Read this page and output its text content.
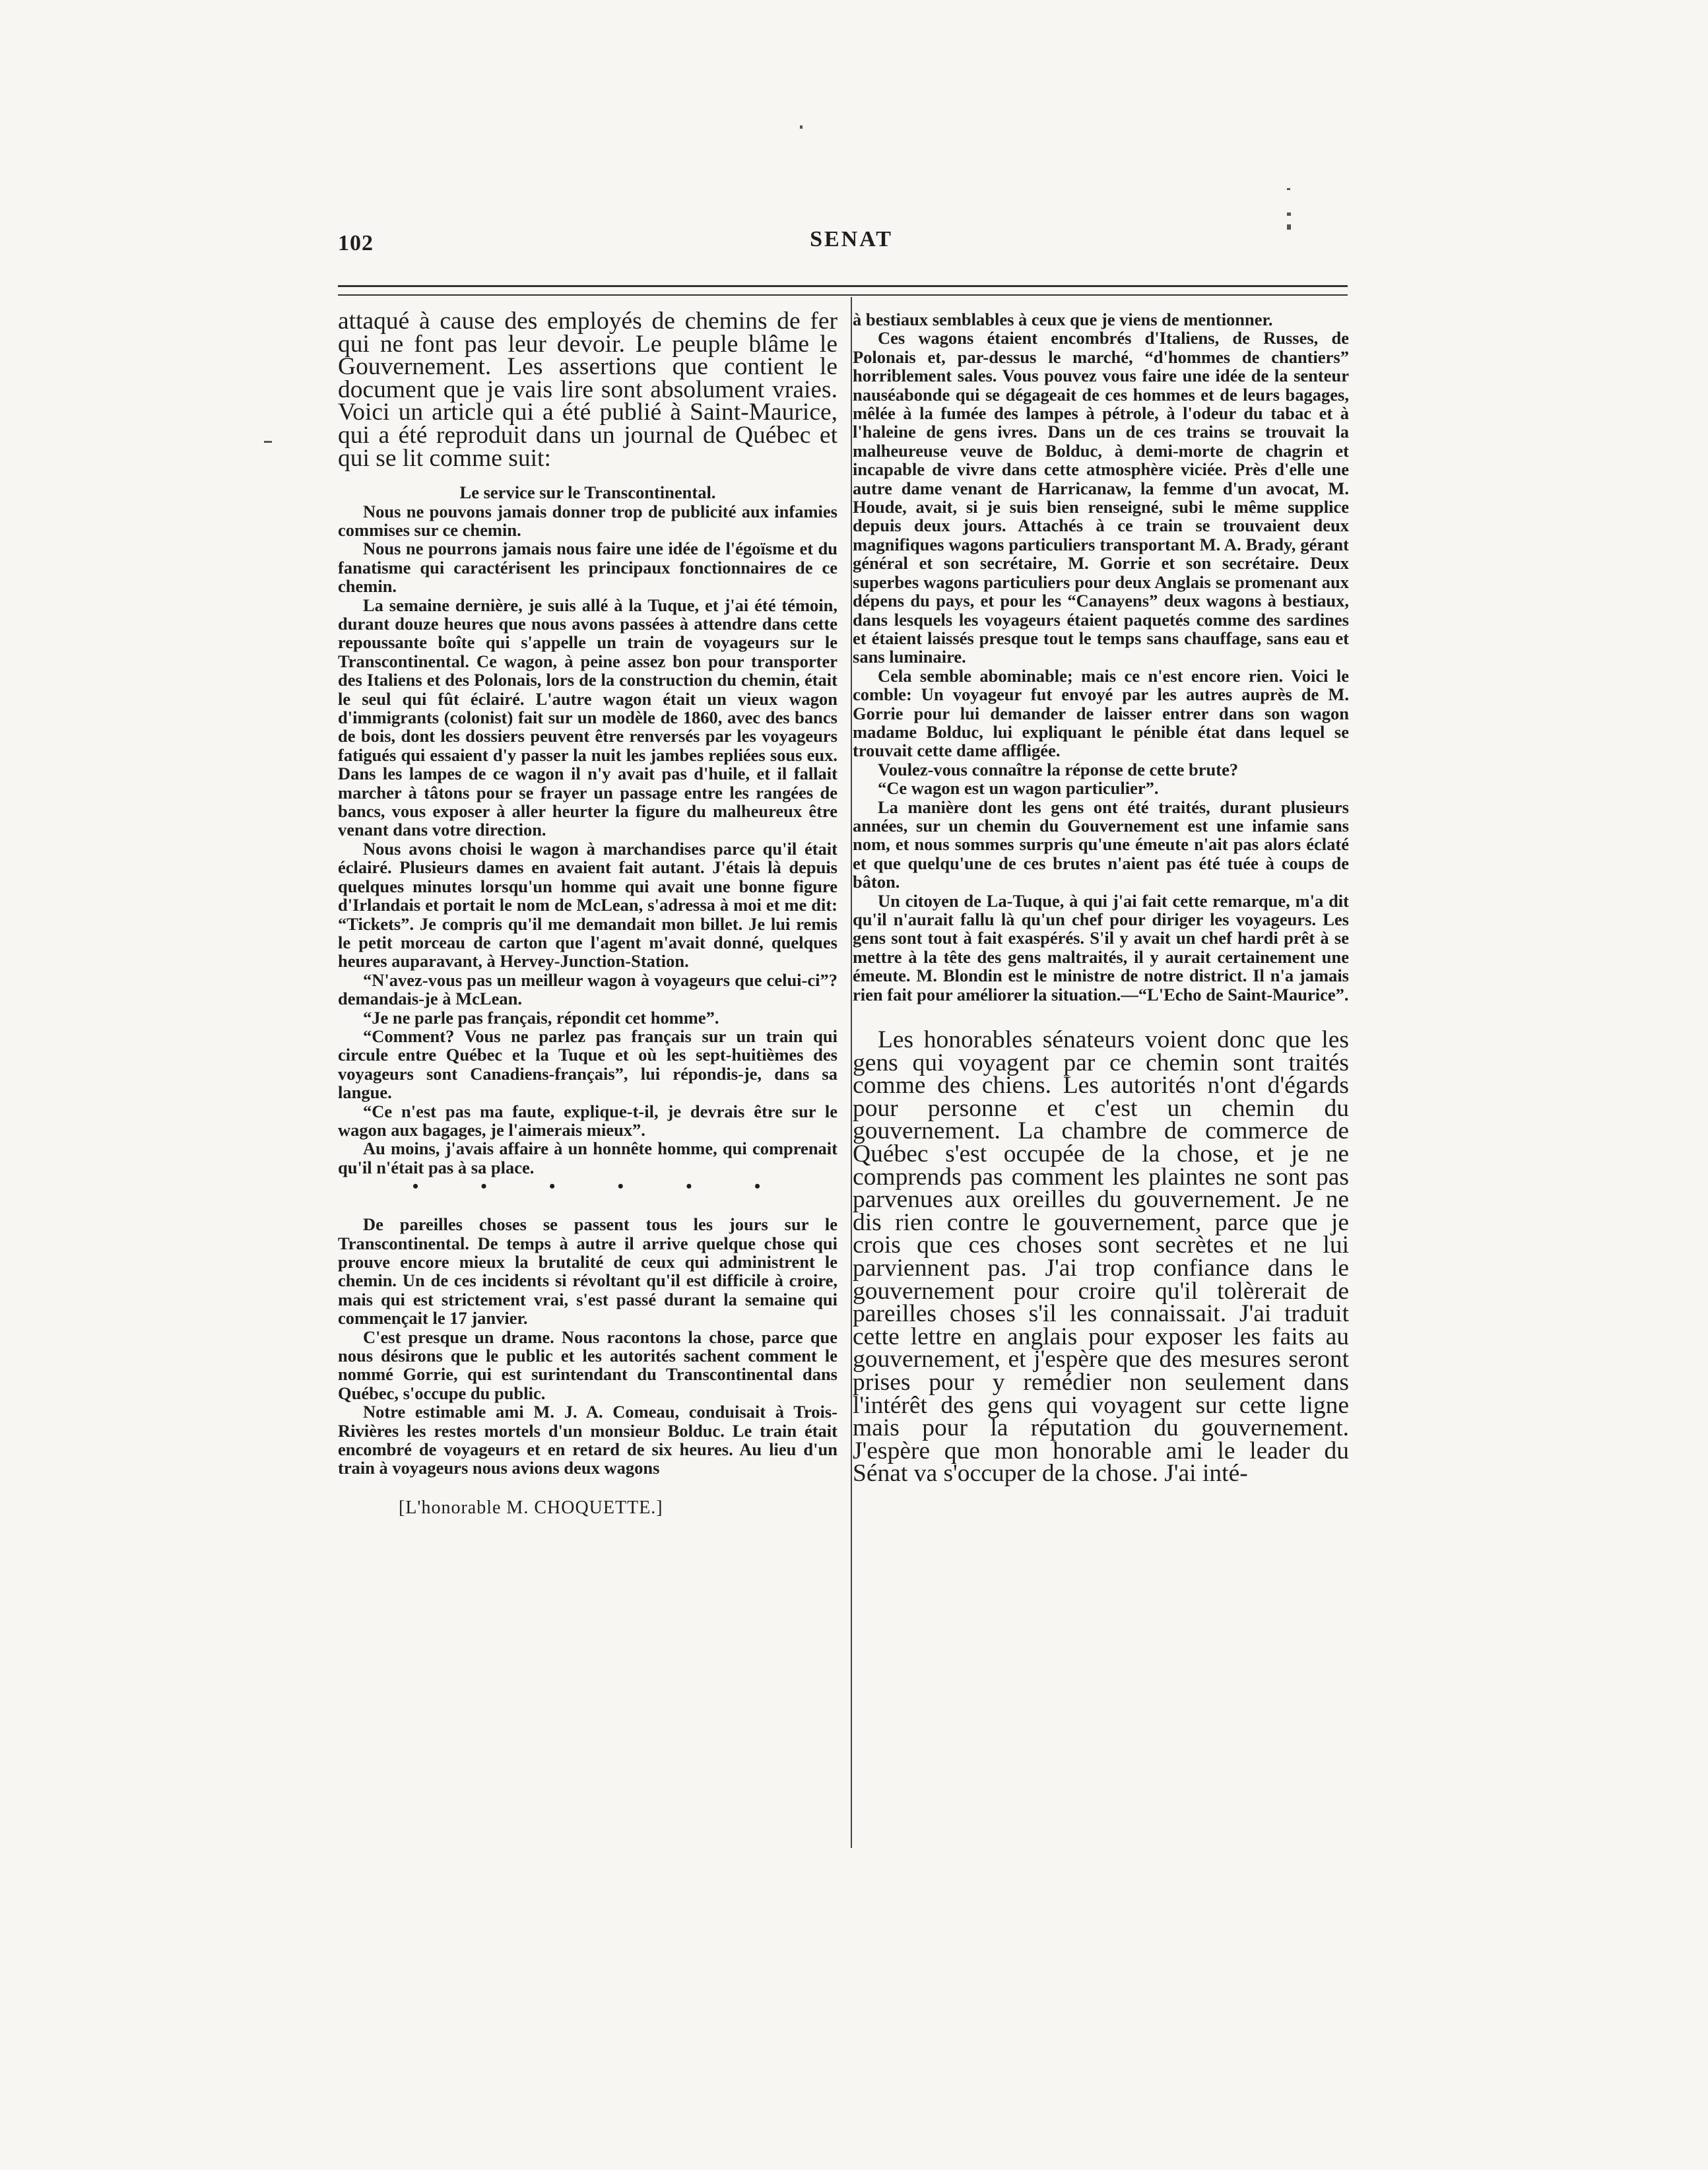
102	SENAT

attaqué à cause des employés de chemins de fer qui ne font pas leur devoir. Le peuple blâme le Gouvernement. Les assertions que contient le document que je vais lire sont absolument vraies. Voici un article qui a été publié à Saint-Maurice, qui a été reproduit dans un journal de Québec et qui se lit comme suit:

Le service sur le Transcontinental.

Nous ne pouvons jamais donner trop de publicité aux infamies commises sur ce chemin.

Nous ne pourrons jamais nous faire une idée de l'égoïsme et du fanatisme qui caractérisent les principaux fonctionnaires de ce chemin.

La semaine dernière, je suis allé à la Tuque, et j'ai été témoin, durant douze heures que nous avons passées à attendre dans cette repoussante boîte qui s'appelle un train de voyageurs sur le Transcontinental. Ce wagon, à peine assez bon pour transporter des Italiens et des Polonais, lors de la construction du chemin, était le seul qui fût éclairé. L'autre wagon était un vieux wagon d'immigrants (colonist) fait sur un modèle de 1860, avec des bancs de bois, dont les dossiers peuvent être renversés par les voyageurs fatigués qui essaient d'y passer la nuit les jambes repliées sous eux. Dans les lampes de ce wagon il n'y avait pas d'huile, et il fallait marcher à tâtons pour se frayer un passage entre les rangées de bancs, vous exposer à aller heurter la figure du malheureux être venant dans votre direction.

Nous avons choisi le wagon à marchandises parce qu'il était éclairé. Plusieurs dames en avaient fait autant. J'étais là depuis quelques minutes lorsqu'un homme qui avait une bonne figure d'Irlandais et portait le nom de McLean, s'adressa à moi et me dit: “Tickets”. Je compris qu'il me demandait mon billet. Je lui remis le petit morceau de carton que l'agent m'avait donné, quelques heures auparavant, à Hervey-Junction-Station.

“N'avez-vous pas un meilleur wagon à voyageurs que celui-ci”? demandais-je à McLean.

“Je ne parle pas français, répondit cet homme”.

“Comment? Vous ne parlez pas français sur un train qui circule entre Québec et la Tuque et où les sept-huitièmes des voyageurs sont Canadiens-français”, lui répondis-je, dans sa langue.

“Ce n'est pas ma faute, explique-t-il, je devrais être sur le wagon aux bagages, je l'aimerais mieux”.

Au moins, j'avais affaire à un honnête homme, qui comprenait qu'il n'était pas à sa place.

• • • • • •

De pareilles choses se passent tous les jours sur le Transcontinental. De temps à autre il arrive quelque chose qui prouve encore mieux la brutalité de ceux qui administrent le chemin. Un de ces incidents si révoltant qu'il est difficile à croire, mais qui est strictement vrai, s'est passé durant la semaine qui commençait le 17 janvier.

C'est presque un drame. Nous racontons la chose, parce que nous désirons que le public et les autorités sachent comment le nommé Gorrie, qui est surintendant du Transcontinental dans Québec, s'occupe du public.

Notre estimable ami M. J. A. Comeau, conduisait à Trois-Rivières les restes mortels d'un monsieur Bolduc. Le train était encombré de voyageurs et en retard de six heures. Au lieu d'un train à voyageurs nous avions deux wagons

[L'honorable M. CHOQUETTE.]

à bestiaux semblables à ceux que je viens de mentionner.

Ces wagons étaient encombrés d'Italiens, de Russes, de Polonais et, par-dessus le marché, “d'hommes de chantiers” horriblement sales. Vous pouvez vous faire une idée de la senteur nauséabonde qui se dégageait de ces hommes et de leurs bagages, mêlée à la fumée des lampes à pétrole, à l'odeur du tabac et à l'haleine de gens ivres. Dans un de ces trains se trouvait la malheureuse veuve de Bolduc, à demi-morte de chagrin et incapable de vivre dans cette atmosphère viciée. Près d'elle une autre dame venant de Harricanaw, la femme d'un avocat, M. Houde, avait, si je suis bien renseigné, subi le même supplice depuis deux jours. Attachés à ce train se trouvaient deux magnifiques wagons particuliers transportant M. A. Brady, gérant général et son secrétaire, M. Gorrie et son secrétaire. Deux superbes wagons particuliers pour deux Anglais se promenant aux dépens du pays, et pour les “Canayens” deux wagons à bestiaux, dans lesquels les voyageurs étaient paquetés comme des sardines et étaient laissés presque tout le temps sans chauffage, sans eau et sans luminaire.

Cela semble abominable; mais ce n'est encore rien. Voici le comble: Un voyageur fut envoyé par les autres auprès de M. Gorrie pour lui demander de laisser entrer dans son wagon madame Bolduc, lui expliquant le pénible état dans lequel se trouvait cette dame affligée.

Voulez-vous connaître la réponse de cette brute?

“Ce wagon est un wagon particulier”.

La manière dont les gens ont été traités, durant plusieurs années, sur un chemin du Gouvernement est une infamie sans nom, et nous sommes surpris qu'une émeute n'ait pas alors éclaté et que quelqu'une de ces brutes n'aient pas été tuée à coups de bâton.

Un citoyen de La-Tuque, à qui j'ai fait cette remarque, m'a dit qu'il n'aurait fallu là qu'un chef pour diriger les voyageurs. Les gens sont tout à fait exaspérés. S'il y avait un chef hardi prêt à se mettre à la tête des gens maltraités, il y aurait certainement une émeute. M. Blondin est le ministre de notre district. Il n'a jamais rien fait pour améliorer la situation.—“L'Echo de Saint-Maurice”.

Les honorables sénateurs voient donc que les gens qui voyagent par ce chemin sont traités comme des chiens. Les autorités n'ont d'égards pour personne et c'est un chemin du gouvernement. La chambre de commerce de Québec s'est occupée de la chose, et je ne comprends pas comment les plaintes ne sont pas parvenues aux oreilles du gouvernement. Je ne dis rien contre le gouvernement, parce que je crois que ces choses sont secrètes et ne lui parviennent pas. J'ai trop confiance dans le gouvernement pour croire qu'il tolèrerait de pareilles choses s'il les connaissait. J'ai traduit cette lettre en anglais pour exposer les faits au gouvernement, et j'espère que des mesures seront prises pour y remédier non seulement dans l'intérêt des gens qui voyagent sur cette ligne mais pour la réputation du gouvernement. J'espère que mon honorable ami le leader du Sénat va s'occuper de la chose. J'ai inté-
